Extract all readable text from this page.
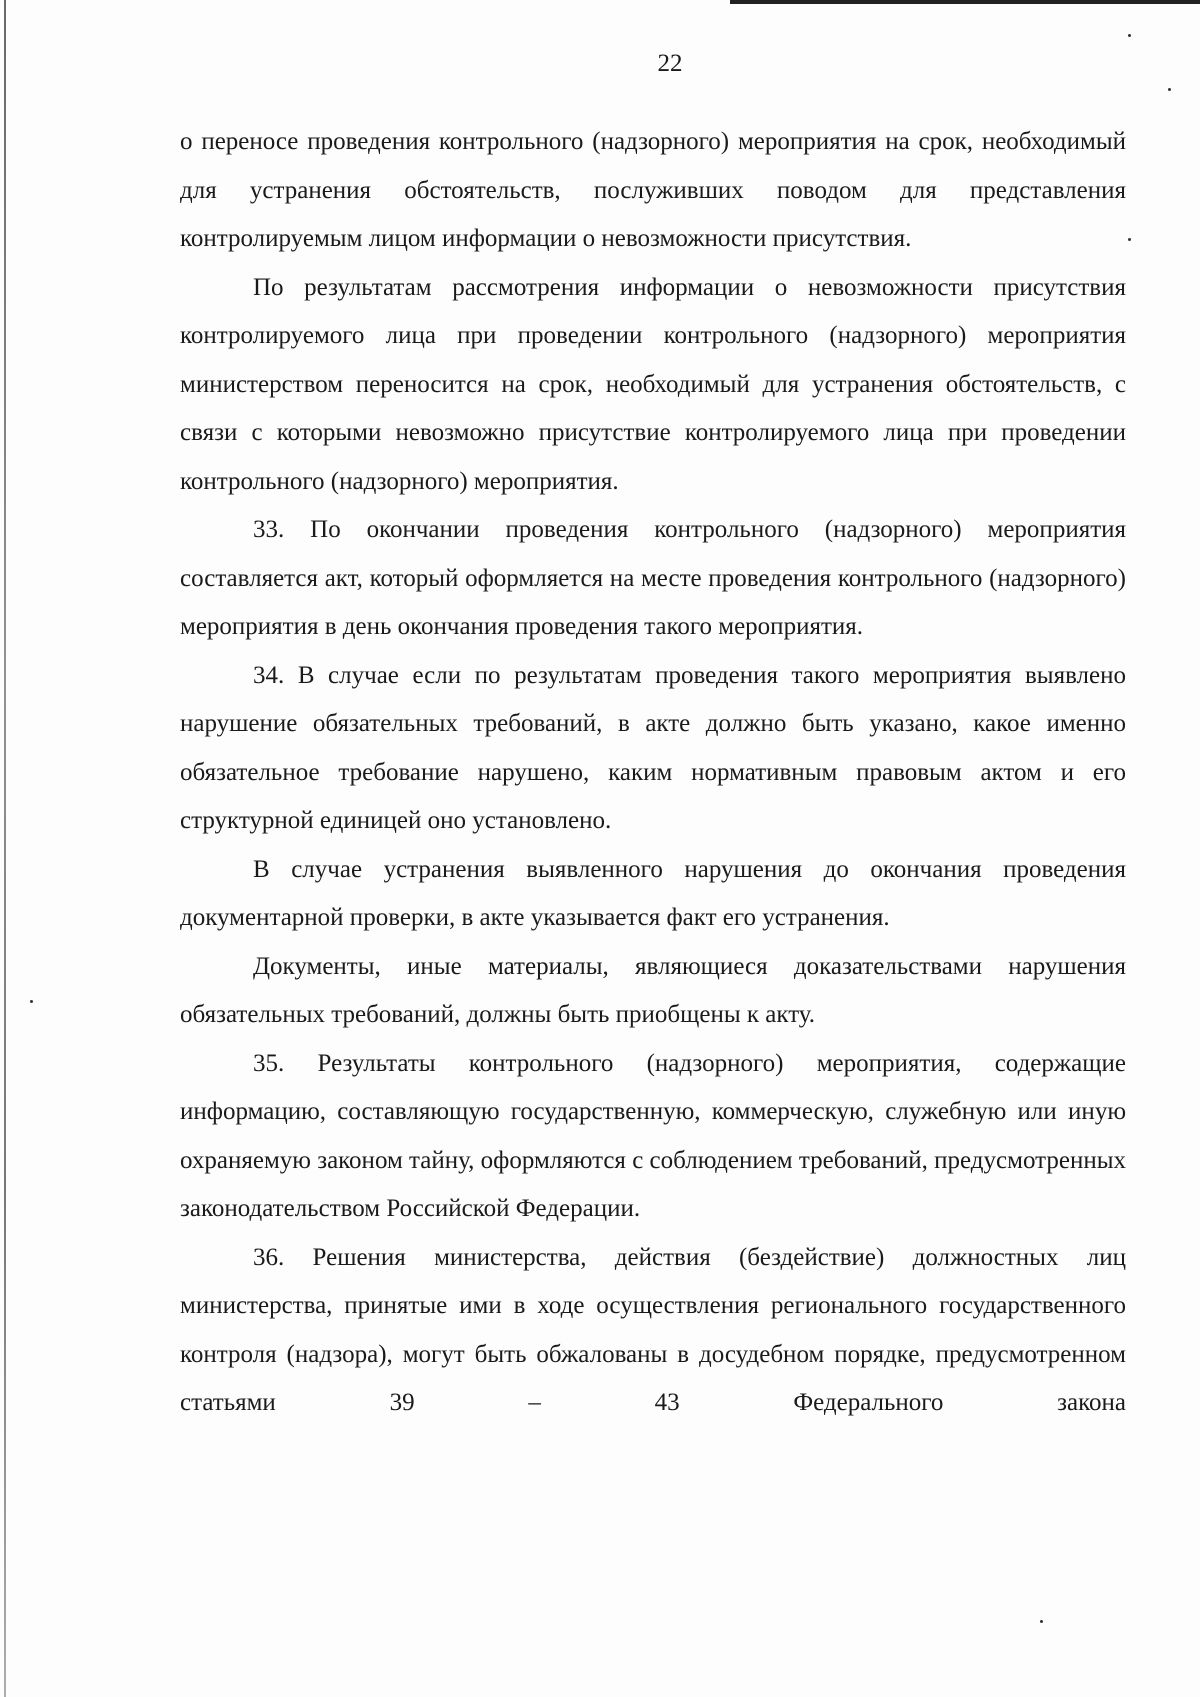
22

о переносе проведения контрольного (надзорного) мероприятия на срок, необходимый для устранения обстоятельств, послуживших поводом для представления контролируемым лицом информации о невозможности присутствия.

По результатам рассмотрения информации о невозможности присутствия контролируемого лица при проведении контрольного (надзорного) мероприятия министерством переносится на срок, необходимый для устранения обстоятельств, с связи с которыми невозможно присутствие контролируемого лица при проведении контрольного (надзорного) мероприятия.

33. По окончании проведения контрольного (надзорного) мероприятия составляется акт, который оформляется на месте проведения контрольного (надзорного) мероприятия в день окончания проведения такого мероприятия.

34. В случае если по результатам проведения такого мероприятия выявлено нарушение обязательных требований, в акте должно быть указано, какое именно обязательное требование нарушено, каким нормативным правовым актом и его структурной единицей оно установлено.

В случае устранения выявленного нарушения до окончания проведения документарной проверки, в акте указывается факт его устранения.

Документы, иные материалы, являющиеся доказательствами нарушения обязательных требований, должны быть приобщены к акту.

35. Результаты контрольного (надзорного) мероприятия, содержащие информацию, составляющую государственную, коммерческую, служебную или иную охраняемую законом тайну, оформляются с соблюдением требований, предусмотренных законодательством Российской Федерации.

36. Решения министерства, действия (бездействие) должностных лиц министерства, принятые ими в ходе осуществления регионального государственного контроля (надзора), могут быть обжалованы в досудебном порядке, предусмотренном статьями 39 – 43 Федерального закона
